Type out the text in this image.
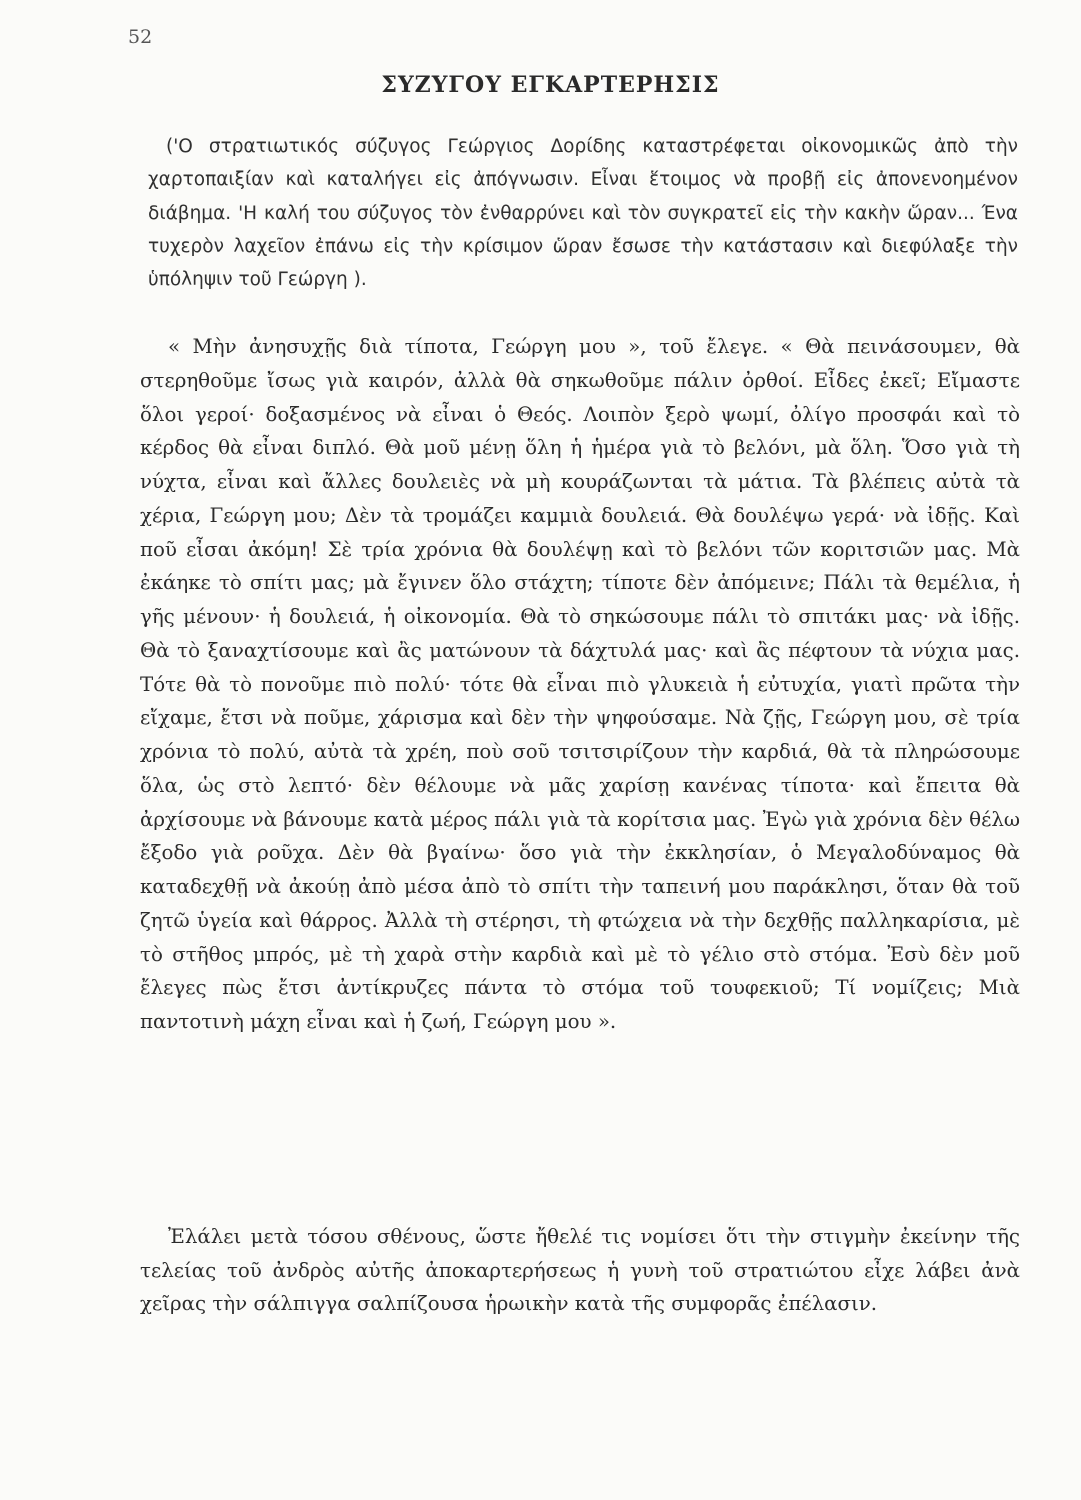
52

ΣΥΖΥΓΟΥ ΕΓΚΑΡΤΕΡΗΣΙΣ

('Ο στρατιωτικός σύζυγος Γεώργιος Δορίδης καταστρέφεται οἰκονομικῶς ἀπὸ τὴν χαρτοπαιξίαν καὶ καταλήγει εἰς ἀπόγνωσιν. Εἶναι ἕτοιμος νὰ προβῇ εἰς ἀπονενοημένον διάβημα. 'Η καλή του σύζυγος τὸν ἐνθαρρύνει καὶ τὸν συγκρατεῖ εἰς τὴν κακὴν ὥραν... Ένα τυχερὸν λαχεῖον ἐπάνω εἰς τὴν κρίσιμον ὥραν ἔσωσε τὴν κατάστασιν καὶ διεφύλαξε τὴν ὑπόληψιν τοῦ Γεώργη ).

« Μὴν ἀνησυχῇς διὰ τίποτα, Γεώργη μου », τοῦ ἔλεγε. « Θὰ πεινάσουμεν, θὰ στερηθοῦμε ἴσως γιὰ καιρόν, ἀλλὰ θὰ σηκωθοῦμε πάλιν ὀρθοί. Εἶδες ἐκεῖ; Εἴμαστε ὅλοι γεροί· δοξασμένος νὰ εἶναι ὁ Θεός. Λοιπὸν ξερὸ ψωμί, ὀλίγο προσφάι καὶ τὸ κέρδος θὰ εἶναι διπλό. Θὰ μοῦ μένῃ ὅλη ἡ ἡμέρα γιὰ τὸ βελόνι, μὰ ὅλη. Ὅσο γιὰ τὴ νύχτα, εἶναι καὶ ἄλλες δουλειὲς νὰ μὴ κουράζωνται τὰ μάτια. Τὰ βλέπεις αὐτὰ τὰ χέρια, Γεώργη μου; Δὲν τὰ τρομάζει καμμιὰ δουλειά. Θὰ δουλέψω γερά· νὰ ἰδῇς. Καὶ ποῦ εἶσαι ἀκόμη! Σὲ τρία χρόνια θὰ δουλέψῃ καὶ τὸ βελόνι τῶν κοριτσιῶν μας. Μὰ ἐκάηκε τὸ σπίτι μας; μὰ ἔγινεν ὅλο στάχτη; τίποτε δὲν ἀπόμεινε; Πάλι τὰ θεμέλια, ἡ γῆς μένουν· ἡ δουλειά, ἡ οἰκονομία. Θὰ τὸ σηκώσουμε πάλι τὸ σπιτάκι μας· νὰ ἰδῇς. Θὰ τὸ ξαναχτίσουμε καὶ ἂς ματώνουν τὰ δάχτυλά μας· καὶ ἂς πέφτουν τὰ νύχια μας. Τότε θὰ τὸ πονοῦμε πιὸ πολύ· τότε θὰ εἶναι πιὸ γλυκειὰ ἡ εὐτυχία, γιατὶ πρῶτα τὴν εἴχαμε, ἔτσι νὰ ποῦμε, χάρισμα καὶ δὲν τὴν ψηφούσαμε. Νὰ ζῇς, Γεώργη μου, σὲ τρία χρόνια τὸ πολύ, αὐτὰ τὰ χρέη, ποὺ σοῦ τσιτσιρίζουν τὴν καρδιά, θὰ τὰ πληρώσουμε ὅλα, ὡς στὸ λεπτό· δὲν θέλουμε νὰ μᾶς χαρίσῃ κανένας τίποτα· καὶ ἔπειτα θὰ ἀρχίσουμε νὰ βάνουμε κατὰ μέρος πάλι γιὰ τὰ κορίτσια μας. Ἐγὼ γιὰ χρόνια δὲν θέλω ἔξοδο γιὰ ροῦχα. Δὲν θὰ βγαίνω· ὅσο γιὰ τὴν ἐκκλησίαν, ὁ Μεγαλοδύναμος θὰ καταδεχθῇ νὰ ἀκούῃ ἀπὸ μέσα ἀπὸ τὸ σπίτι τὴν ταπεινή μου παράκλησι, ὅταν θὰ τοῦ ζητῶ ὑγεία καὶ θάρρος. Ἀλλὰ τὴ στέρησι, τὴ φτώχεια νὰ τὴν δεχθῇς παλληκαρίσια, μὲ τὸ στῆθος μπρός, μὲ τὴ χαρὰ στὴν καρδιὰ καὶ μὲ τὸ γέλιο στὸ στόμα. Ἐσὺ δὲν μοῦ ἔλεγες πὼς ἔτσι ἀντίκρυζες πάντα τὸ στόμα τοῦ τουφεκιοῦ; Τί νομίζεις; Μιὰ παντοτινὴ μάχη εἶναι καὶ ἡ ζωή, Γεώργη μου ».

Ἐλάλει μετὰ τόσου σθένους, ὥστε ἤθελέ τις νομίσει ὅτι τὴν στιγμὴν ἐκείνην τῆς τελείας τοῦ ἀνδρὸς αὐτῆς ἀποκαρτερήσεως ἡ γυνὴ τοῦ στρατιώτου εἶχε λάβει ἀνὰ χεῖρας τὴν σάλπιγγα σαλπίζουσα ἡρωικὴν κατὰ τῆς συμφορᾶς ἐπέλασιν.
